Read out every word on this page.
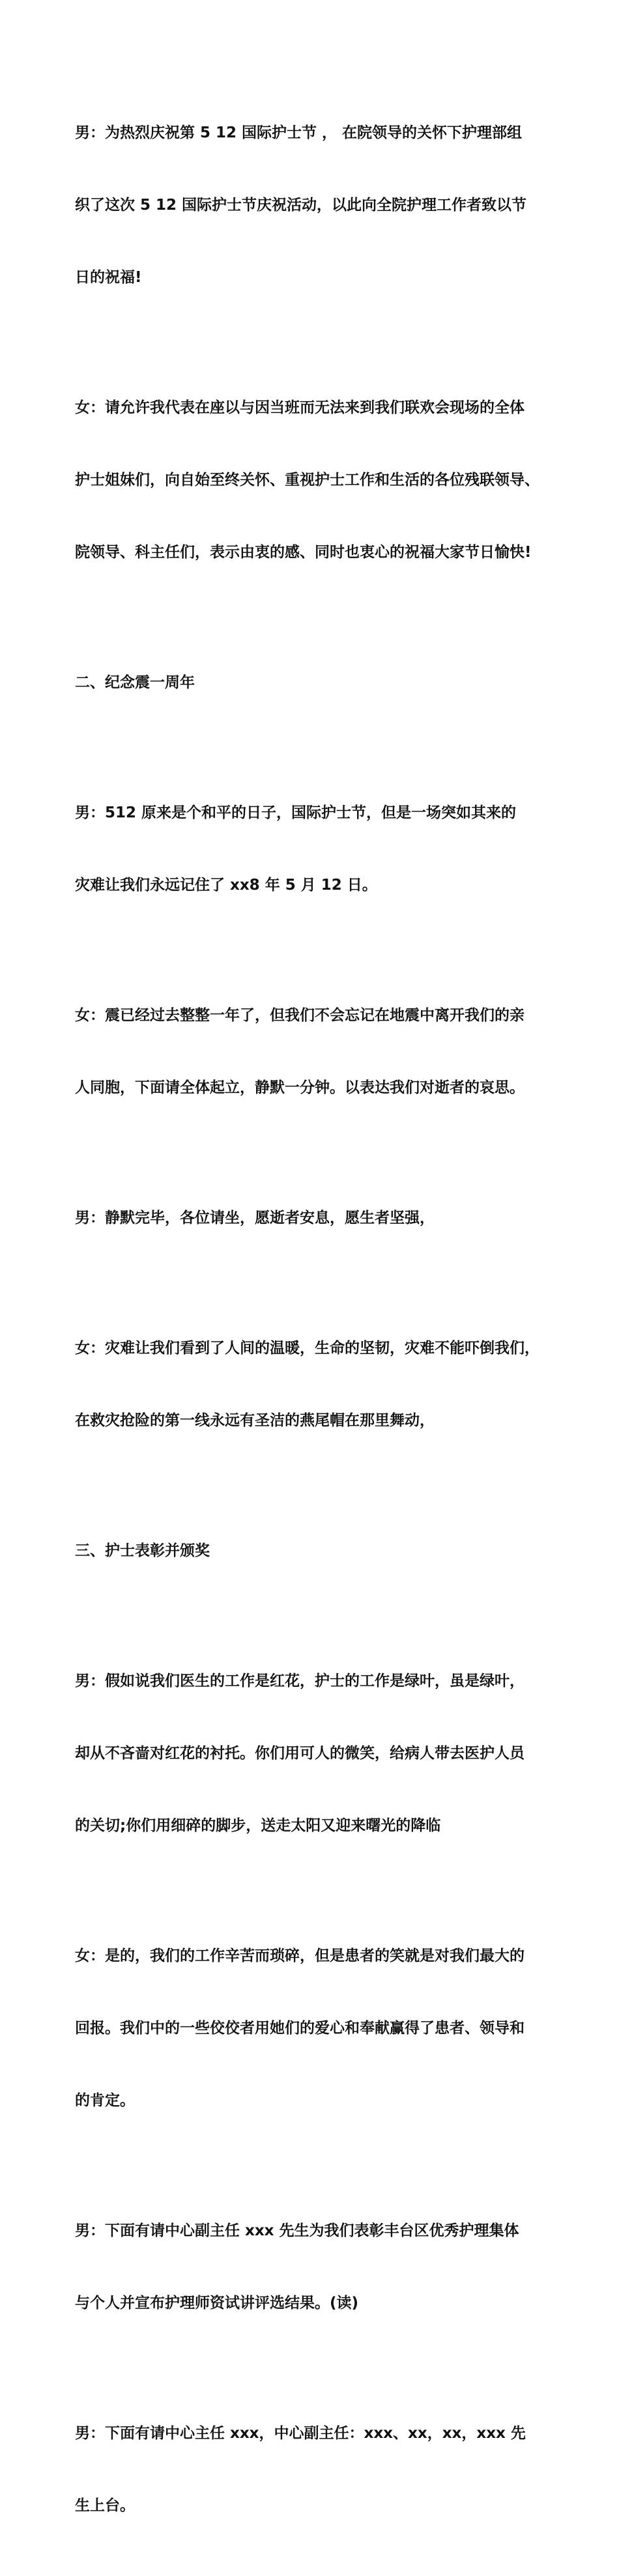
男：为热烈庆祝第 5 12 国际护士节 ， 在院领导的关怀下护理部组

织了这次 5 12 国际护士节庆祝活动，以此向全院护理工作者致以节

日的祝福!

女：请允许我代表在座以与因当班而无法来到我们联欢会现场的全体

护士姐妹们，向自始至终关怀、重视护士工作和生活的各位残联领导、

院领导、科主任们，表示由衷的感、同时也衷心的祝福大家节日愉快!

二、纪念震一周年

男：512 原来是个和平的日子，国际护士节，但是一场突如其来的

灾难让我们永远记住了 xx8 年 5 月 12 日。

女：震已经过去整整一年了，但我们不会忘记在地震中离开我们的亲

人同胞，下面请全体起立，静默一分钟。以表达我们对逝者的哀思。

男：静默完毕，各位请坐，愿逝者安息，愿生者坚强，

女：灾难让我们看到了人间的温暖，生命的坚韧，灾难不能吓倒我们，

在救灾抢险的第一线永远有圣洁的燕尾帽在那里舞动，

三、护士表彰并颁奖

男：假如说我们医生的工作是红花，护士的工作是绿叶，虽是绿叶，

却从不吝啬对红花的衬托。你们用可人的微笑，给病人带去医护人员

的关切;你们用细碎的脚步，送走太阳又迎来曙光的降临

女：是的，我们的工作辛苦而琐碎，但是患者的笑就是对我们最大的

回报。我们中的一些佼佼者用她们的爱心和奉献赢得了患者、领导和

的肯定。

男：下面有请中心副主任 xxx 先生为我们表彰丰台区优秀护理集体

与个人并宣布护理师资试讲评选结果。(读)

男：下面有请中心主任 xxx，中心副主任：xxx、xx，xx，xxx 先

生上台。
